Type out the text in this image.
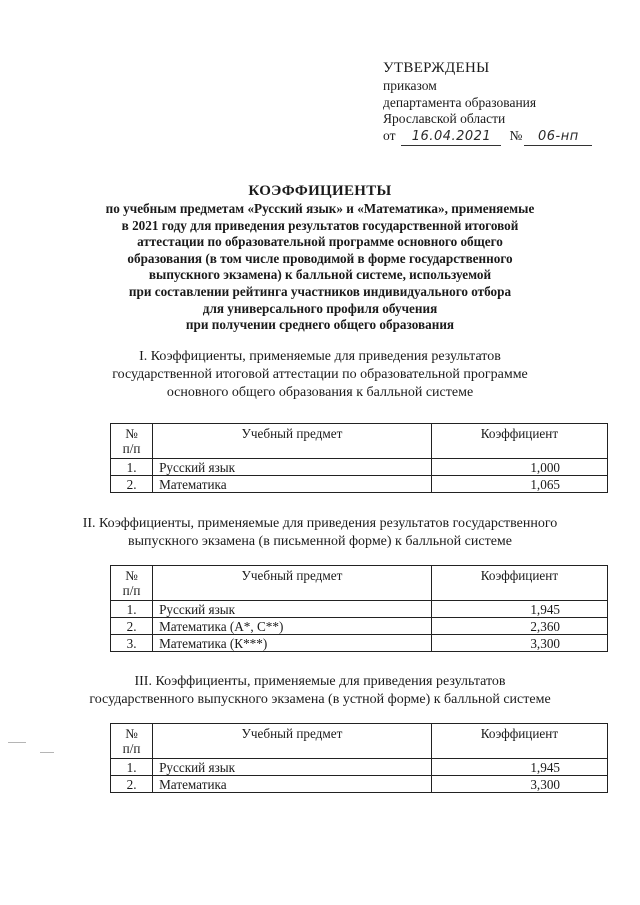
УТВЕРЖДЕНЫ
приказом
департамента образования
Ярославской области
от	16.04.2021	№	06-нп
КОЭФФИЦИЕНТЫ
по учебным предметам «Русский язык» и «Математика», применяемые
в 2021 году для приведения результатов государственной итоговой
аттестации по образовательной программе основного общего
образования (в том числе проводимой в форме государственного
выпускного экзамена) к балльной системе, используемой
при составлении рейтинга участников индивидуального отбора
для универсального профиля обучения
при получении среднего общего образования
I. Коэффициенты, применяемые для приведения результатов
государственной итоговой аттестации по образовательной программе
основного общего образования к балльной системе
№
п/п	Учебный предмет	Коэффициент
1.	Русский язык	1,000
2.	Математика	1,065
II. Коэффициенты, применяемые для приведения результатов государственного
выпускного экзамена (в письменной форме) к балльной системе
№
п/п	Учебный предмет	Коэффициент
1.	Русский язык	1,945
2.	Математика (А*, С**)	2,360
3.	Математика (К***)	3,300
III. Коэффициенты, применяемые для приведения результатов
государственного выпускного экзамена (в устной форме) к балльной системе
№
п/п	Учебный предмет	Коэффициент
1.	Русский язык	1,945
2.	Математика	3,300
